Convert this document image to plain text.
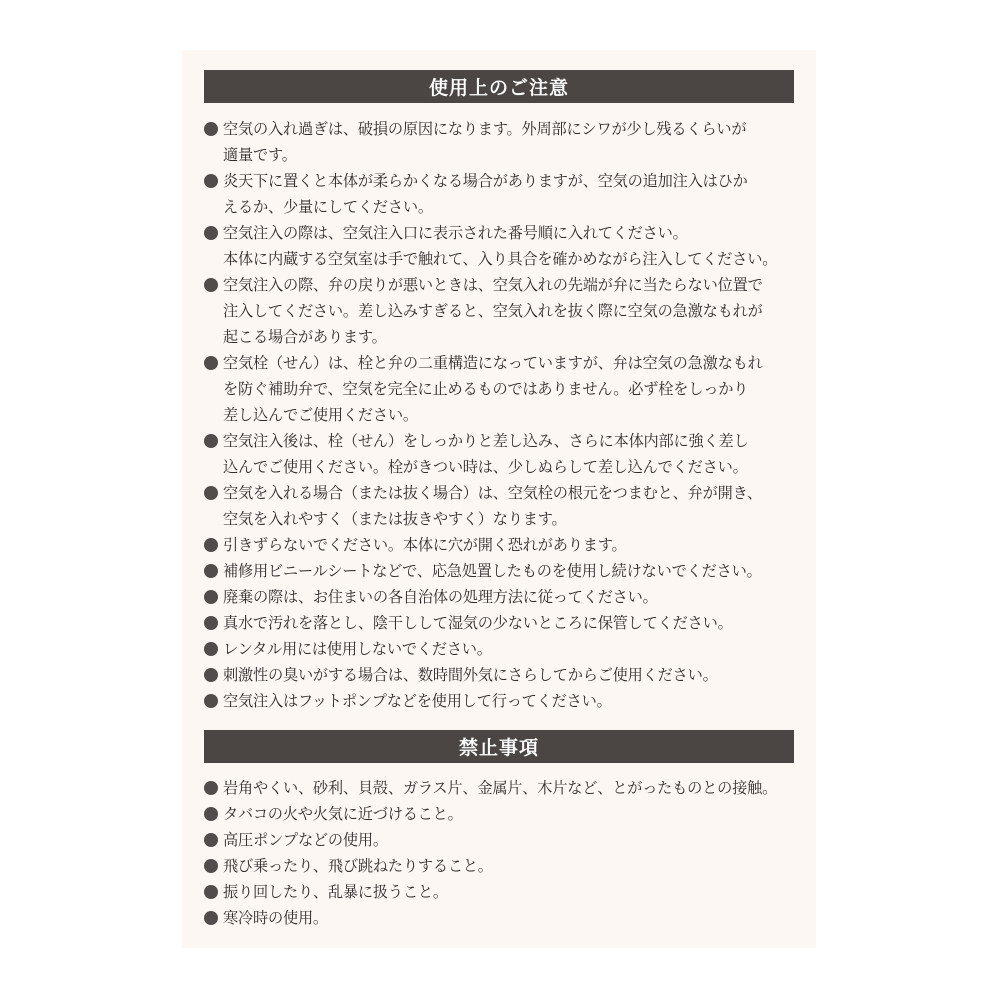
使用上のご注意
空気の入れ過ぎは、破損の原因になります。外周部にシワが少し残るくらいが
適量です。
炎天下に置くと本体が柔らかくなる場合がありますが、空気の追加注入はひか
えるか、少量にしてください。
空気注入の際は、空気注入口に表示された番号順に入れてください。
本体に内蔵する空気室は手で触れて、入り具合を確かめながら注入してください。
空気注入の際、弁の戻りが悪いときは、空気入れの先端が弁に当たらない位置で
注入してください。差し込みすぎると、空気入れを抜く際に空気の急激なもれが
起こる場合があります。
空気栓（せん）は、栓と弁の二重構造になっていますが、弁は空気の急激なもれ
を防ぐ補助弁で、空気を完全に止めるものではありません。必ず栓をしっかり
差し込んでご使用ください。
空気注入後は、栓（せん）をしっかりと差し込み、さらに本体内部に強く差し
込んでご使用ください。栓がきつい時は、少しぬらして差し込んでください。
空気を入れる場合（または抜く場合）は、空気栓の根元をつまむと、弁が開き、
空気を入れやすく（または抜きやすく）なります。
引きずらないでください。本体に穴が開く恐れがあります。
補修用ビニールシートなどで、応急処置したものを使用し続けないでください。
廃棄の際は、お住まいの各自治体の処理方法に従ってください。
真水で汚れを落とし、陰干しして湿気の少ないところに保管してください。
レンタル用には使用しないでください。
刺激性の臭いがする場合は、数時間外気にさらしてからご使用ください。
空気注入はフットポンプなどを使用して行ってください。
禁止事項
岩角やくい、砂利、貝殻、ガラス片、金属片、木片など、とがったものとの接触。
タバコの火や火気に近づけること。
高圧ポンプなどの使用。
飛び乗ったり、飛び跳ねたりすること。
振り回したり、乱暴に扱うこと。
寒冷時の使用。
